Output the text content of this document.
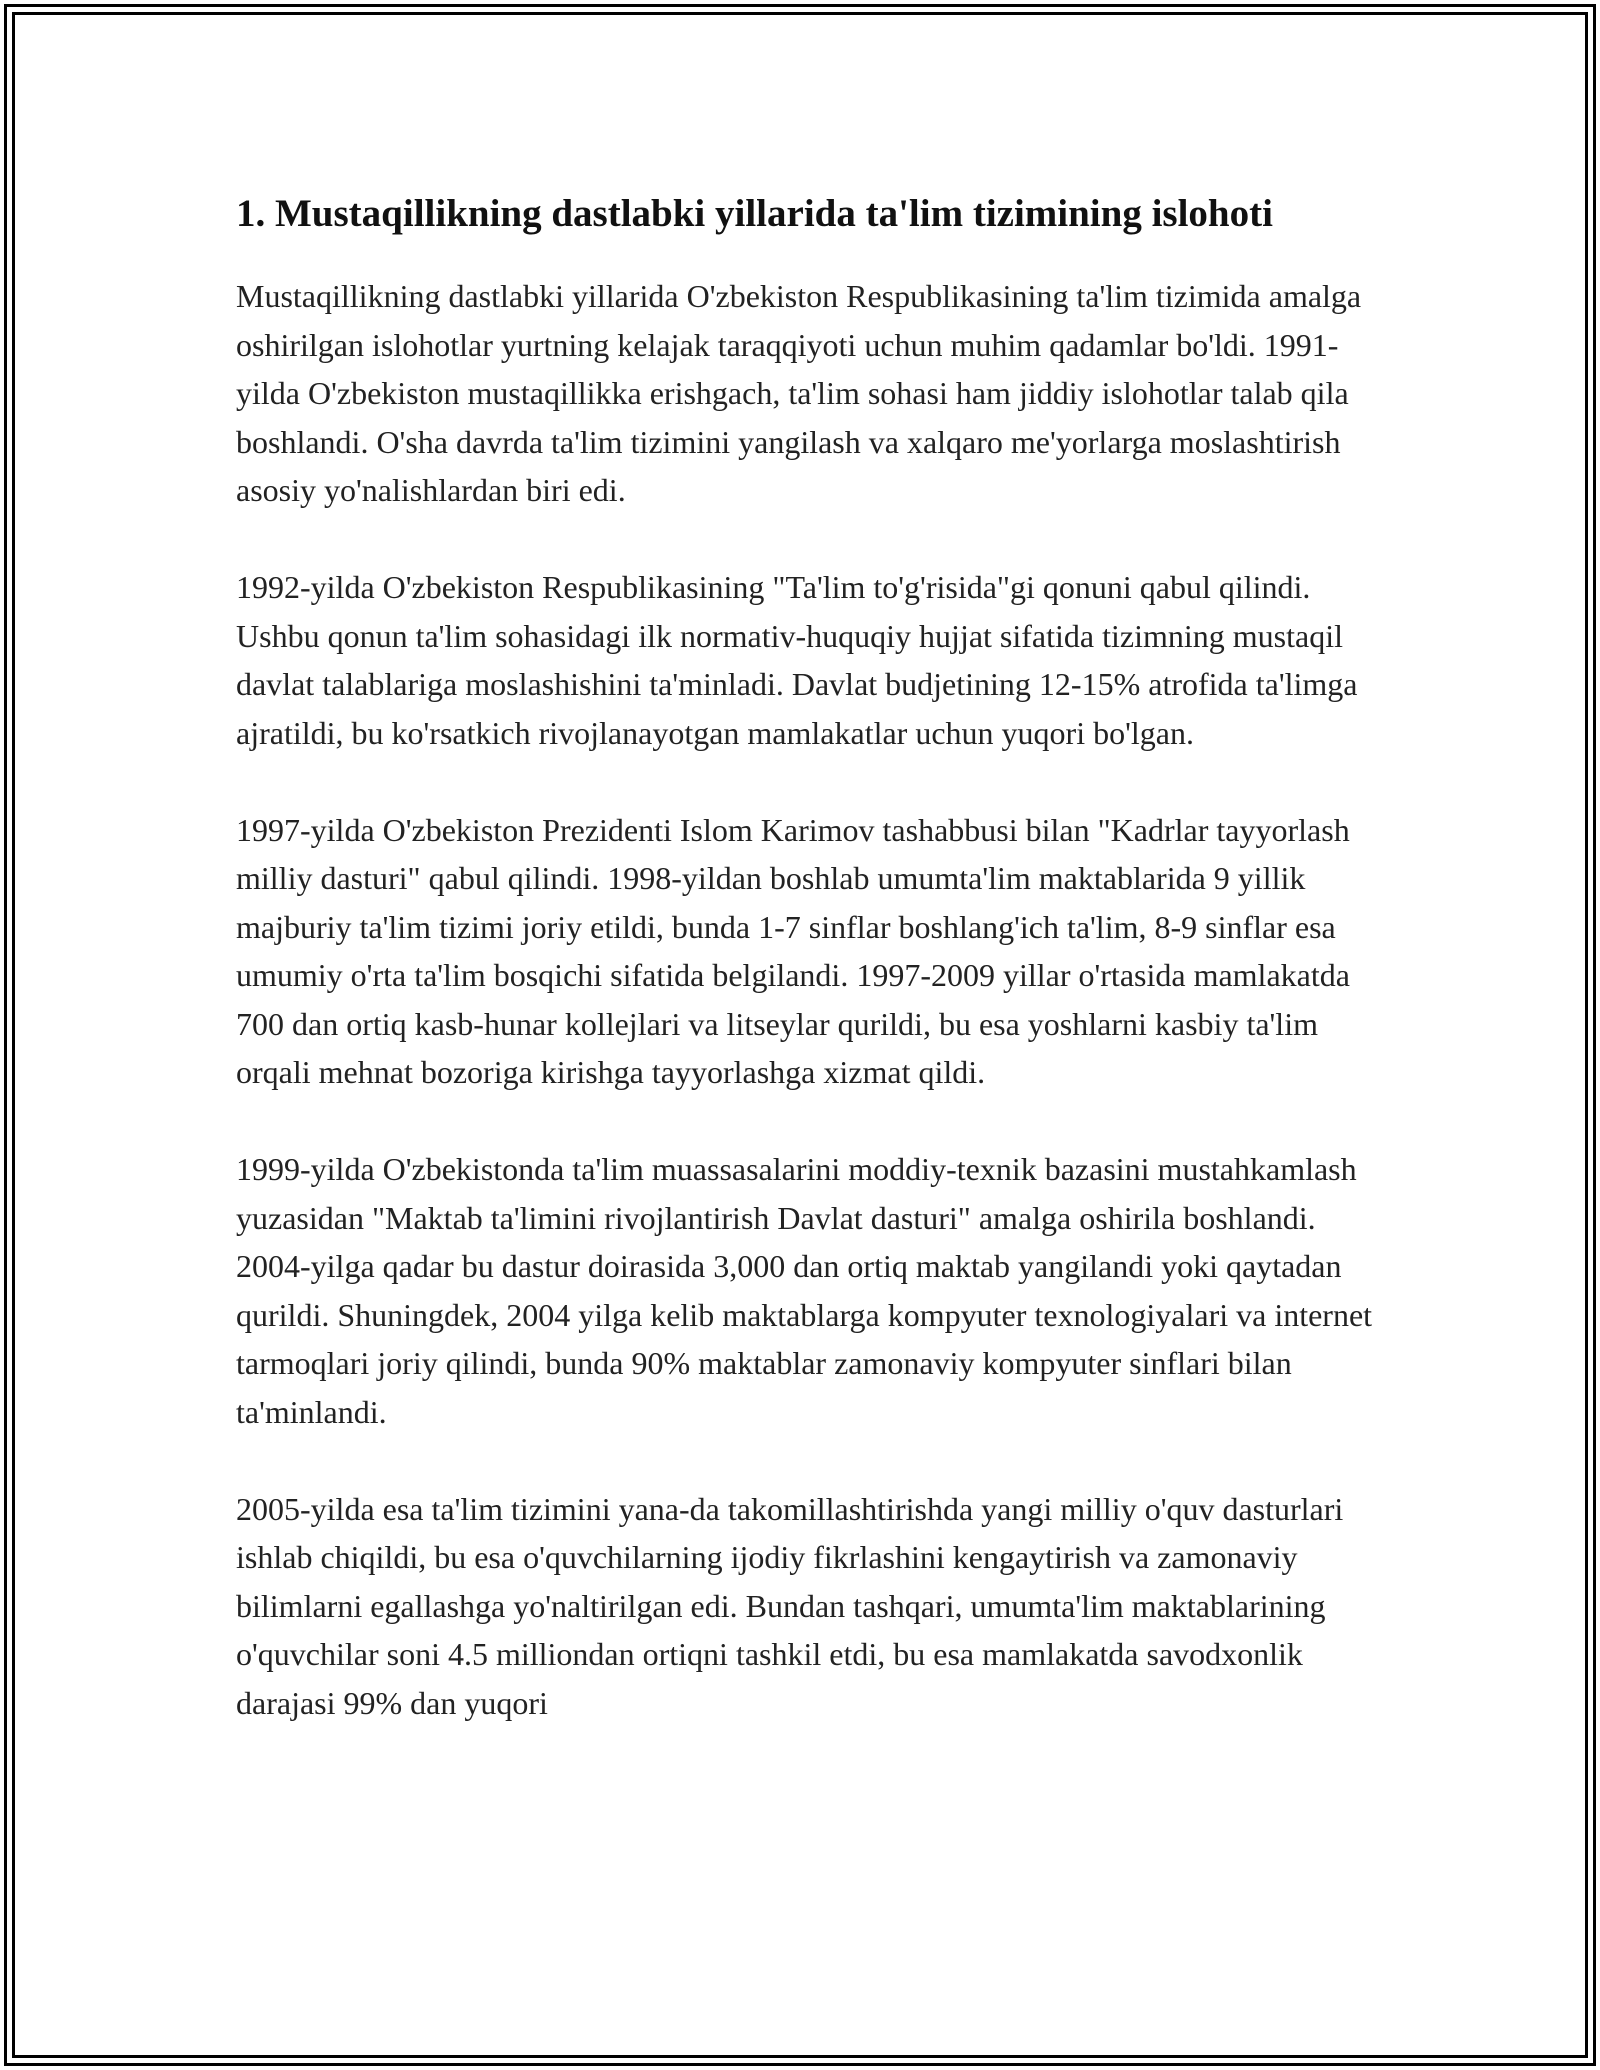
1. Mustaqillikning dastlabki yillarida ta'lim tizimining islohoti

Mustaqillikning dastlabki yillarida O'zbekiston Respublikasining ta'lim tizimida amalga oshirilgan islohotlar yurtning kelajak taraqqiyoti uchun muhim qadamlar bo'ldi. 1991-yilda O'zbekiston mustaqillikka erishgach, ta'lim sohasi ham jiddiy islohotlar talab qila boshlandi. O'sha davrda ta'lim tizimini yangilash va xalqaro me'yorlarga moslashtirish asosiy yo'nalishlardan biri edi.

1992-yilda O'zbekiston Respublikasining "Ta'lim to'g'risida"gi qonuni qabul qilindi. Ushbu qonun ta'lim sohasidagi ilk normativ-huquqiy hujjat sifatida tizimning mustaqil davlat talablariga moslashishini ta'minladi. Davlat budjetining 12-15% atrofida ta'limga ajratildi, bu ko'rsatkich rivojlanayotgan mamlakatlar uchun yuqori bo'lgan.

1997-yilda O'zbekiston Prezidenti Islom Karimov tashabbusi bilan "Kadrlar tayyorlash milliy dasturi" qabul qilindi. 1998-yildan boshlab umumta'lim maktablarida 9 yillik majburiy ta'lim tizimi joriy etildi, bunda 1-7 sinflar boshlang'ich ta'lim, 8-9 sinflar esa umumiy o'rta ta'lim bosqichi sifatida belgilandi. 1997-2009 yillar o'rtasida mamlakatda 700 dan ortiq kasb-hunar kollejlari va litseylar qurildi, bu esa yoshlarni kasbiy ta'lim orqali mehnat bozoriga kirishga tayyorlashga xizmat qildi.

1999-yilda O'zbekistonda ta'lim muassasalarini moddiy-texnik bazasini mustahkamlash yuzasidan "Maktab ta'limini rivojlantirish Davlat dasturi" amalga oshirila boshlandi. 2004-yilga qadar bu dastur doirasida 3,000 dan ortiq maktab yangilandi yoki qaytadan qurildi. Shuningdek, 2004 yilga kelib maktablarga kompyuter texnologiyalari va internet tarmoqlari joriy qilindi, bunda 90% maktablar zamonaviy kompyuter sinflari bilan ta'minlandi.

2005-yilda esa ta'lim tizimini yana-da takomillashtirishda yangi milliy o'quv dasturlari ishlab chiqildi, bu esa o'quvchilarning ijodiy fikrlashini kengaytirish va zamonaviy bilimlarni egallashga yo'naltirilgan edi. Bundan tashqari, umumta'lim maktablarining o'quvchilar soni 4.5 milliondan ortiqni tashkil etdi, bu esa mamlakatda savodxonlik darajasi 99% dan yuqori
